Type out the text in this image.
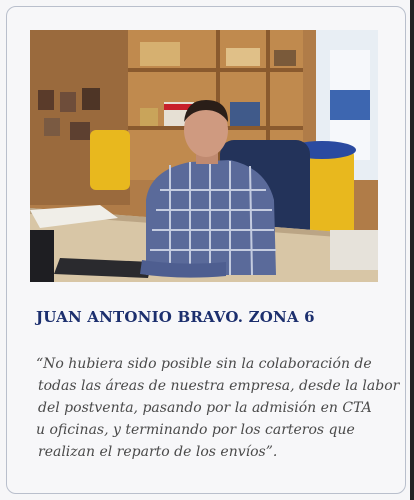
JUAN ANTONIO BRAVO. ZONA 6
“No hubiera sido posible sin la colaboración de
todas las áreas de nuestra empresa, desde la labor
del postventa, pasando por la admisión en CTA
u oficinas, y terminando por los carteros que
realizan el reparto de los envíos”.
